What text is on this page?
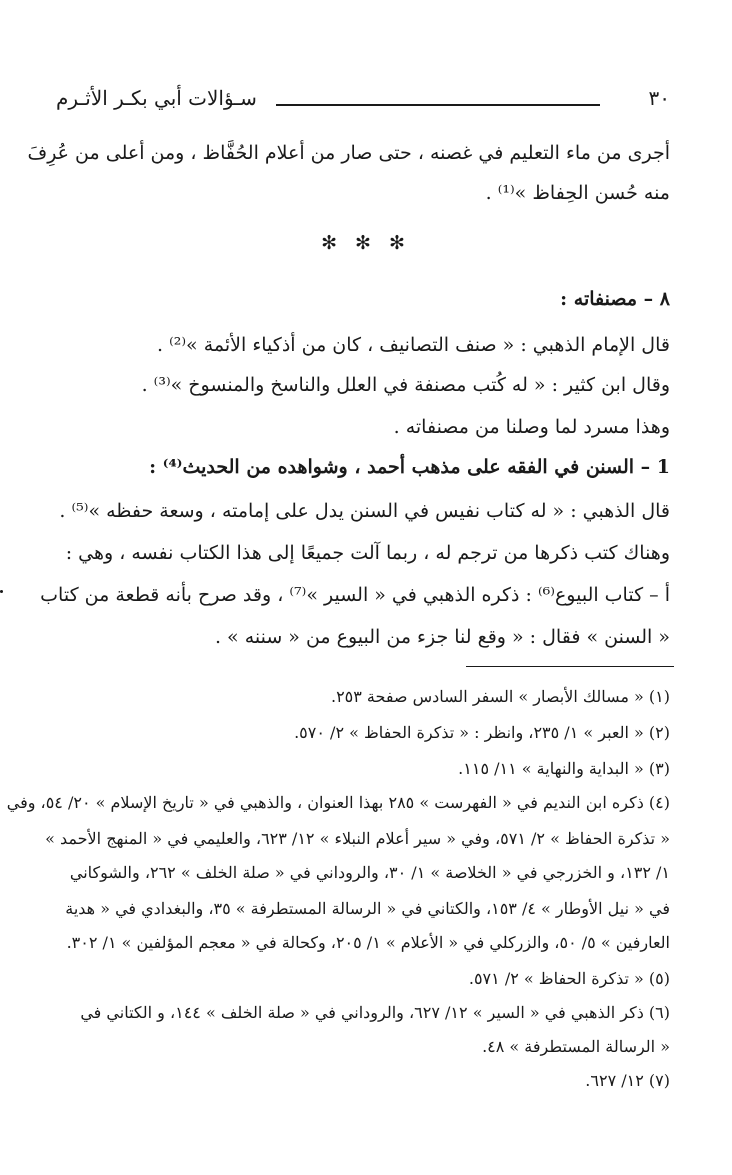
٣٠
سـؤالات أبي بكـر الأثـرم
أجرى من ماء التعليم في غصنه ، حتى صار من أعلام الحُفَّاظ ، ومن أعلى من عُرِفَ
منه حُسن الحِفاظ »⁽¹⁾ .
✻ ✻ ✻
٨ – مصنفاته :
قال الإمام الذهبي : « صنف التصانيف ، كان من أذكياء الأئمة »⁽²⁾ .
وقال ابن كثير : « له كُتب مصنفة في العلل والناسخ والمنسوخ »⁽³⁾ .
وهذا مسرد لما وصلنا من مصنفاته .
1 – السنن في الفقه على مذهب أحمد ، وشواهده من الحديث⁽⁴⁾ :
قال الذهبي : « له كتاب نفيس في السنن يدل على إمامته ، وسعة حفظه »⁽⁵⁾ .
وهناك كتب ذكرها من ترجم له ، ربما آلت جميعًا إلى هذا الكتاب نفسه ، وهي :
أ – كتاب البيوع⁽⁶⁾ : ذكره الذهبي في « السير »⁽⁷⁾ ، وقد صرح بأنه قطعة من كتاب
« السنن » فقال : « وقع لنا جزء من البيوع من « سننه » .
(١) « مسالك الأبصار » السفر السادس صفحة ٢٥٣.
(٢) « العبر » ١/ ٢٣٥، وانظر : « تذكرة الحفاظ » ٢/ ٥٧٠.
(٣) « البداية والنهاية » ١١/ ١١٥.
(٤) ذكره ابن النديم في « الفهرست » ٢٨٥ بهذا العنوان ، والذهبي في « تاريخ الإسلام » ٢٠/ ٥٤، وفي
« تذكرة الحفاظ » ٢/ ٥٧١، وفي « سير أعلام النبلاء » ١٢/ ٦٢٣، والعليمي في « المنهج الأحمد »
١/ ١٣٢، و الخزرجي في « الخلاصة » ١/ ٣٠، والروداني في « صلة الخلف » ٢٦٢، والشوكاني
في « نيل الأوطار » ٤/ ١٥٣، والكتاني في « الرسالة المستطرفة » ٣٥، والبغدادي في « هدية
العارفين » ٥/ ٥٠، والزركلي في « الأعلام » ١/ ٢٠٥، وكحالة في « معجم المؤلفين » ١/ ٣٠٢.
(٥) « تذكرة الحفاظ » ٢/ ٥٧١.
(٦) ذكر الذهبي في « السير » ١٢/ ٦٢٧، والروداني في « صلة الخلف » ١٤٤، و الكتاني في
« الرسالة المستطرفة » ٤٨.
(٧) ١٢/ ٦٢٧.
